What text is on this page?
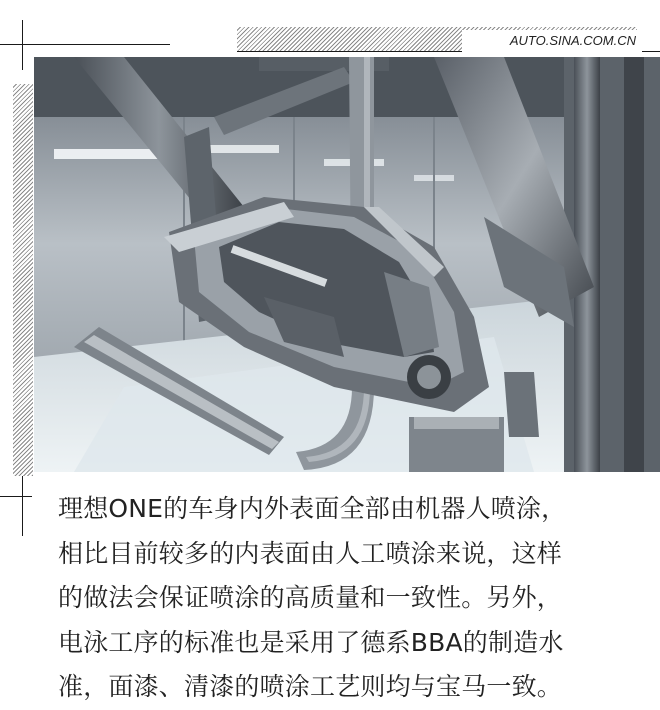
AUTO.SINA.COM.CN

理想ONE的车身内外表面全部由机器人喷涂，

相比目前较多的内表面由人工喷涂来说，这样

的做法会保证喷涂的高质量和一致性。另外，

电泳工序的标准也是采用了德系BBA的制造水

准，面漆、清漆的喷涂工艺则均与宝马一致。
